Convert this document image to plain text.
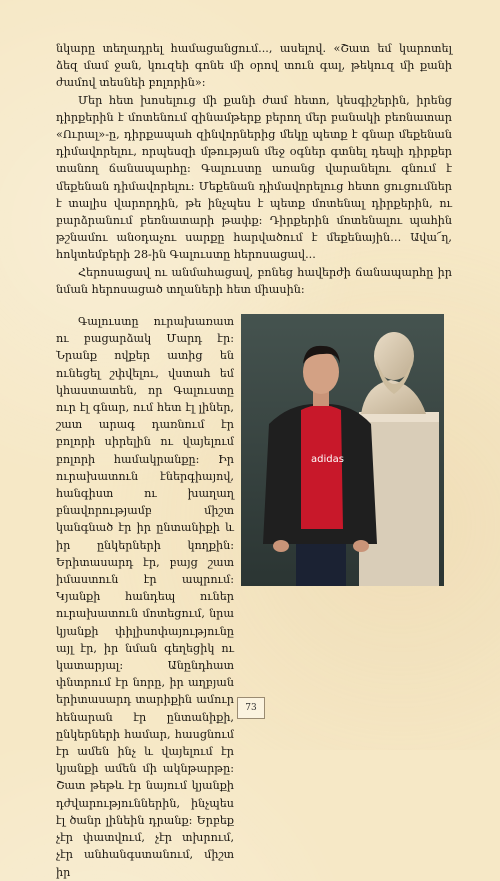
նկարը տեղադրել համացանցում..., ասելով. «Շատ եմ կարոտել ձեզ մամ ջան, կուզեի գոնե մի օրով տուն գալ, թեկուզ մի քանի ժամով տեսնեի բոլորին»:

Մեր հետ խոսելուց մի քանի ժամ հետո, կեսգիշերին, իրենց դիրքերին է մոտենում զինամթերք բերող մեր բանակի բեռնատար «Ուրալ»-ը, դիրքապահ զինվորներից մեկը պետք է գնար մեքենան դիմավորելու, որպեսզի մթության մեջ օգներ գտնել դեպի դիրքեր տանող ճանապարհը: Գալուստը առանց վարանելու գնում է մեքենան դիմավորելու: Մեքենան դիմավորելուց հետո ցուցումներ է տալիս վարորդին, թե ինչպես է պետք մոտենալ դիրքերին, ու բարձրանում բեռնատարի թափք: Դիրքերին մոտենալու պահին թշնամու անօդաչու սարքը հարվածում է մեքենային… Ավա՜ղ, հոկտեմբերի 28-ին Գալուստը հերոսացավ...

Հերոսացավ ու անմահացավ, բոնեց հավերժի ճանապարհը իր նման հերոսացած տղաների հետ միասին:

Գալուստը ուրախառատ ու բացարձակ Մարդ էր: Նրանք ովքեր ատից են ունեցել շփվելու, վստահ եմ կհաստատեն, որ Գալուստը ուր էլ գնար, ում հետ էլ լիներ, շատ արագ դառնում էր բոլորի սիրելին ու վայելում բոլորի համակրանքը: Իր ուրախատուն էներգիայով, հանգիստ ու խաղաղ բնավորությամբ միշտ կանգնած էր իր ընտանիքի և իր ընկերների կողքին: Երիտասարդ էր, բայց շատ իմաստուն էր ապրում: Կյանքի հանդեպ ուներ ուրախատուն մոտեցում, նրա կյանքի փիլիսոփայությունը այլ էր, իր նման գեղեցիկ ու կատարյալ: Անընդհատ փնտրում էր նորը, իր աղբյան երիտասարդ տարիքին ամուր հենարան էր ընտանիքի, ընկերների համար, հասցնում էր ամեն ինչ և վայելում էր կյանքի ամեն մի ակնթարթը: Շատ թեթև էր նայում կյանքի դժվարություններին, ինչպես էլ ծանր լինեին դրանք: Երբեք չէր փատվում, չէր տխրում, չէր անհանգստանում, միշտ իր

adidas
73
